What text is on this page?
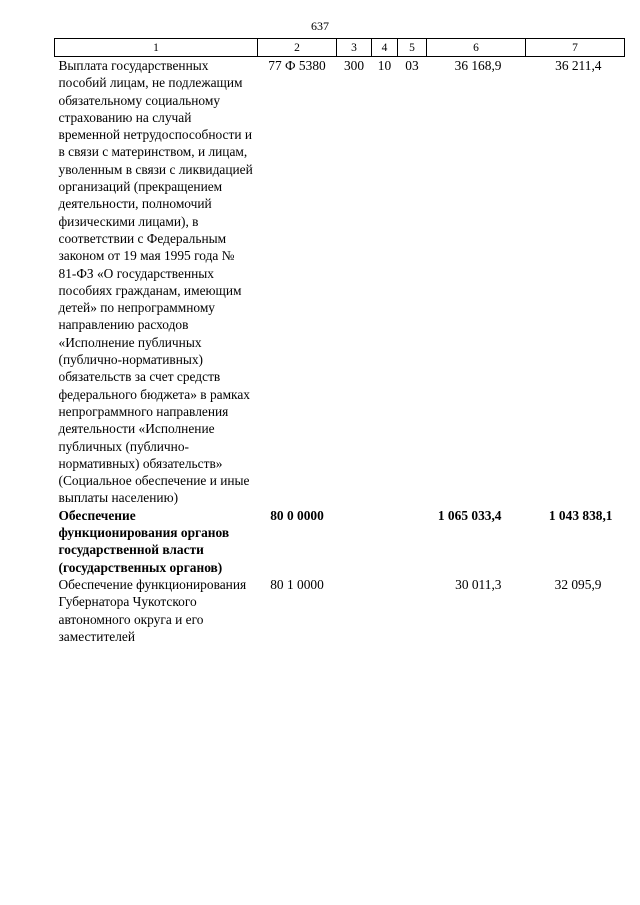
637
1	2	3	4	5	6	7
Выплата государственных пособий лицам, не подлежащим обязательному социальному страхованию на случай временной нетрудоспособности и в связи с материнством, и лицам, уволенным в связи с ликвидацией организаций (прекращением деятельности, полномочий физическими лицами), в соответствии с Федеральным законом от 19 мая 1995 года № 81-ФЗ «О государственных пособиях гражданам, имеющим детей» по непрограммному направлению расходов «Исполнение публичных (публично-нормативных) обязательств за счет средств федерального бюджета» в рамках непрограммного направления деятельности «Исполнение публичных (публично-нормативных) обязательств» (Социальное обеспечение и иные выплаты населению)	77 Ф 5380	300	10	03	36 168,9	36 211,4
Обеспечение функционирования органов государственной власти (государственных органов)	80 0 0000				1 065 033,4	1 043 838,1
Обеспечение функционирования Губернатора Чукотского автономного округа и его заместителей	80 1 0000				30 011,3	32 095,9
